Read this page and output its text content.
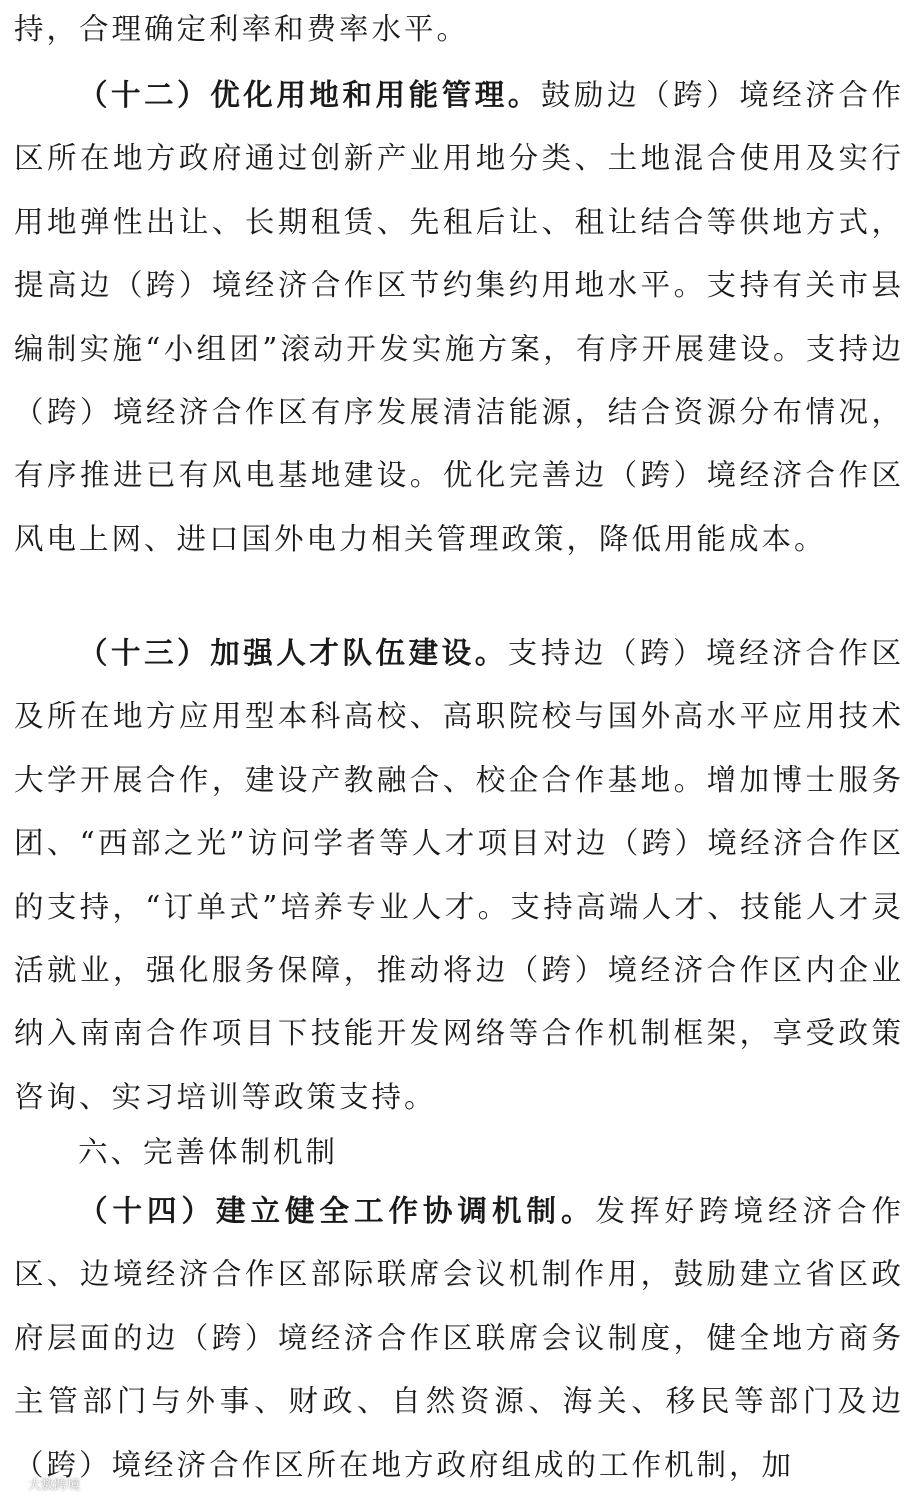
持，合理确定利率和费率水平。

（十二）优化用地和用能管理。鼓励边（跨）境经济合作区所在地方政府通过创新产业用地分类、土地混合使用及实行用地弹性出让、长期租赁、先租后让、租让结合等供地方式，提高边（跨）境经济合作区节约集约用地水平。支持有关市县编制实施“小组团”滚动开发实施方案，有序开展建设。支持边（跨）境经济合作区有序发展清洁能源，结合资源分布情况，有序推进已有风电基地建设。优化完善边（跨）境经济合作区风电上网、进口国外电力相关管理政策，降低用能成本。

（十三）加强人才队伍建设。支持边（跨）境经济合作区及所在地方应用型本科高校、高职院校与国外高水平应用技术大学开展合作，建设产教融合、校企合作基地。增加博士服务团、“西部之光”访问学者等人才项目对边（跨）境经济合作区的支持，“订单式”培养专业人才。支持高端人才、技能人才灵活就业，强化服务保障，推动将边（跨）境经济合作区内企业纳入南南合作项目下技能开发网络等合作机制框架，享受政策咨询、实习培训等政策支持。

六、完善体制机制

（十四）建立健全工作协调机制。发挥好跨境经济合作区、边境经济合作区部际联席会议机制作用，鼓励建立省区政府层面的边（跨）境经济合作区联席会议制度，健全地方商务主管部门与外事、财政、自然资源、海关、移民等部门及边（跨）境经济合作区所在地方政府组成的工作机制，加

大数跨境
